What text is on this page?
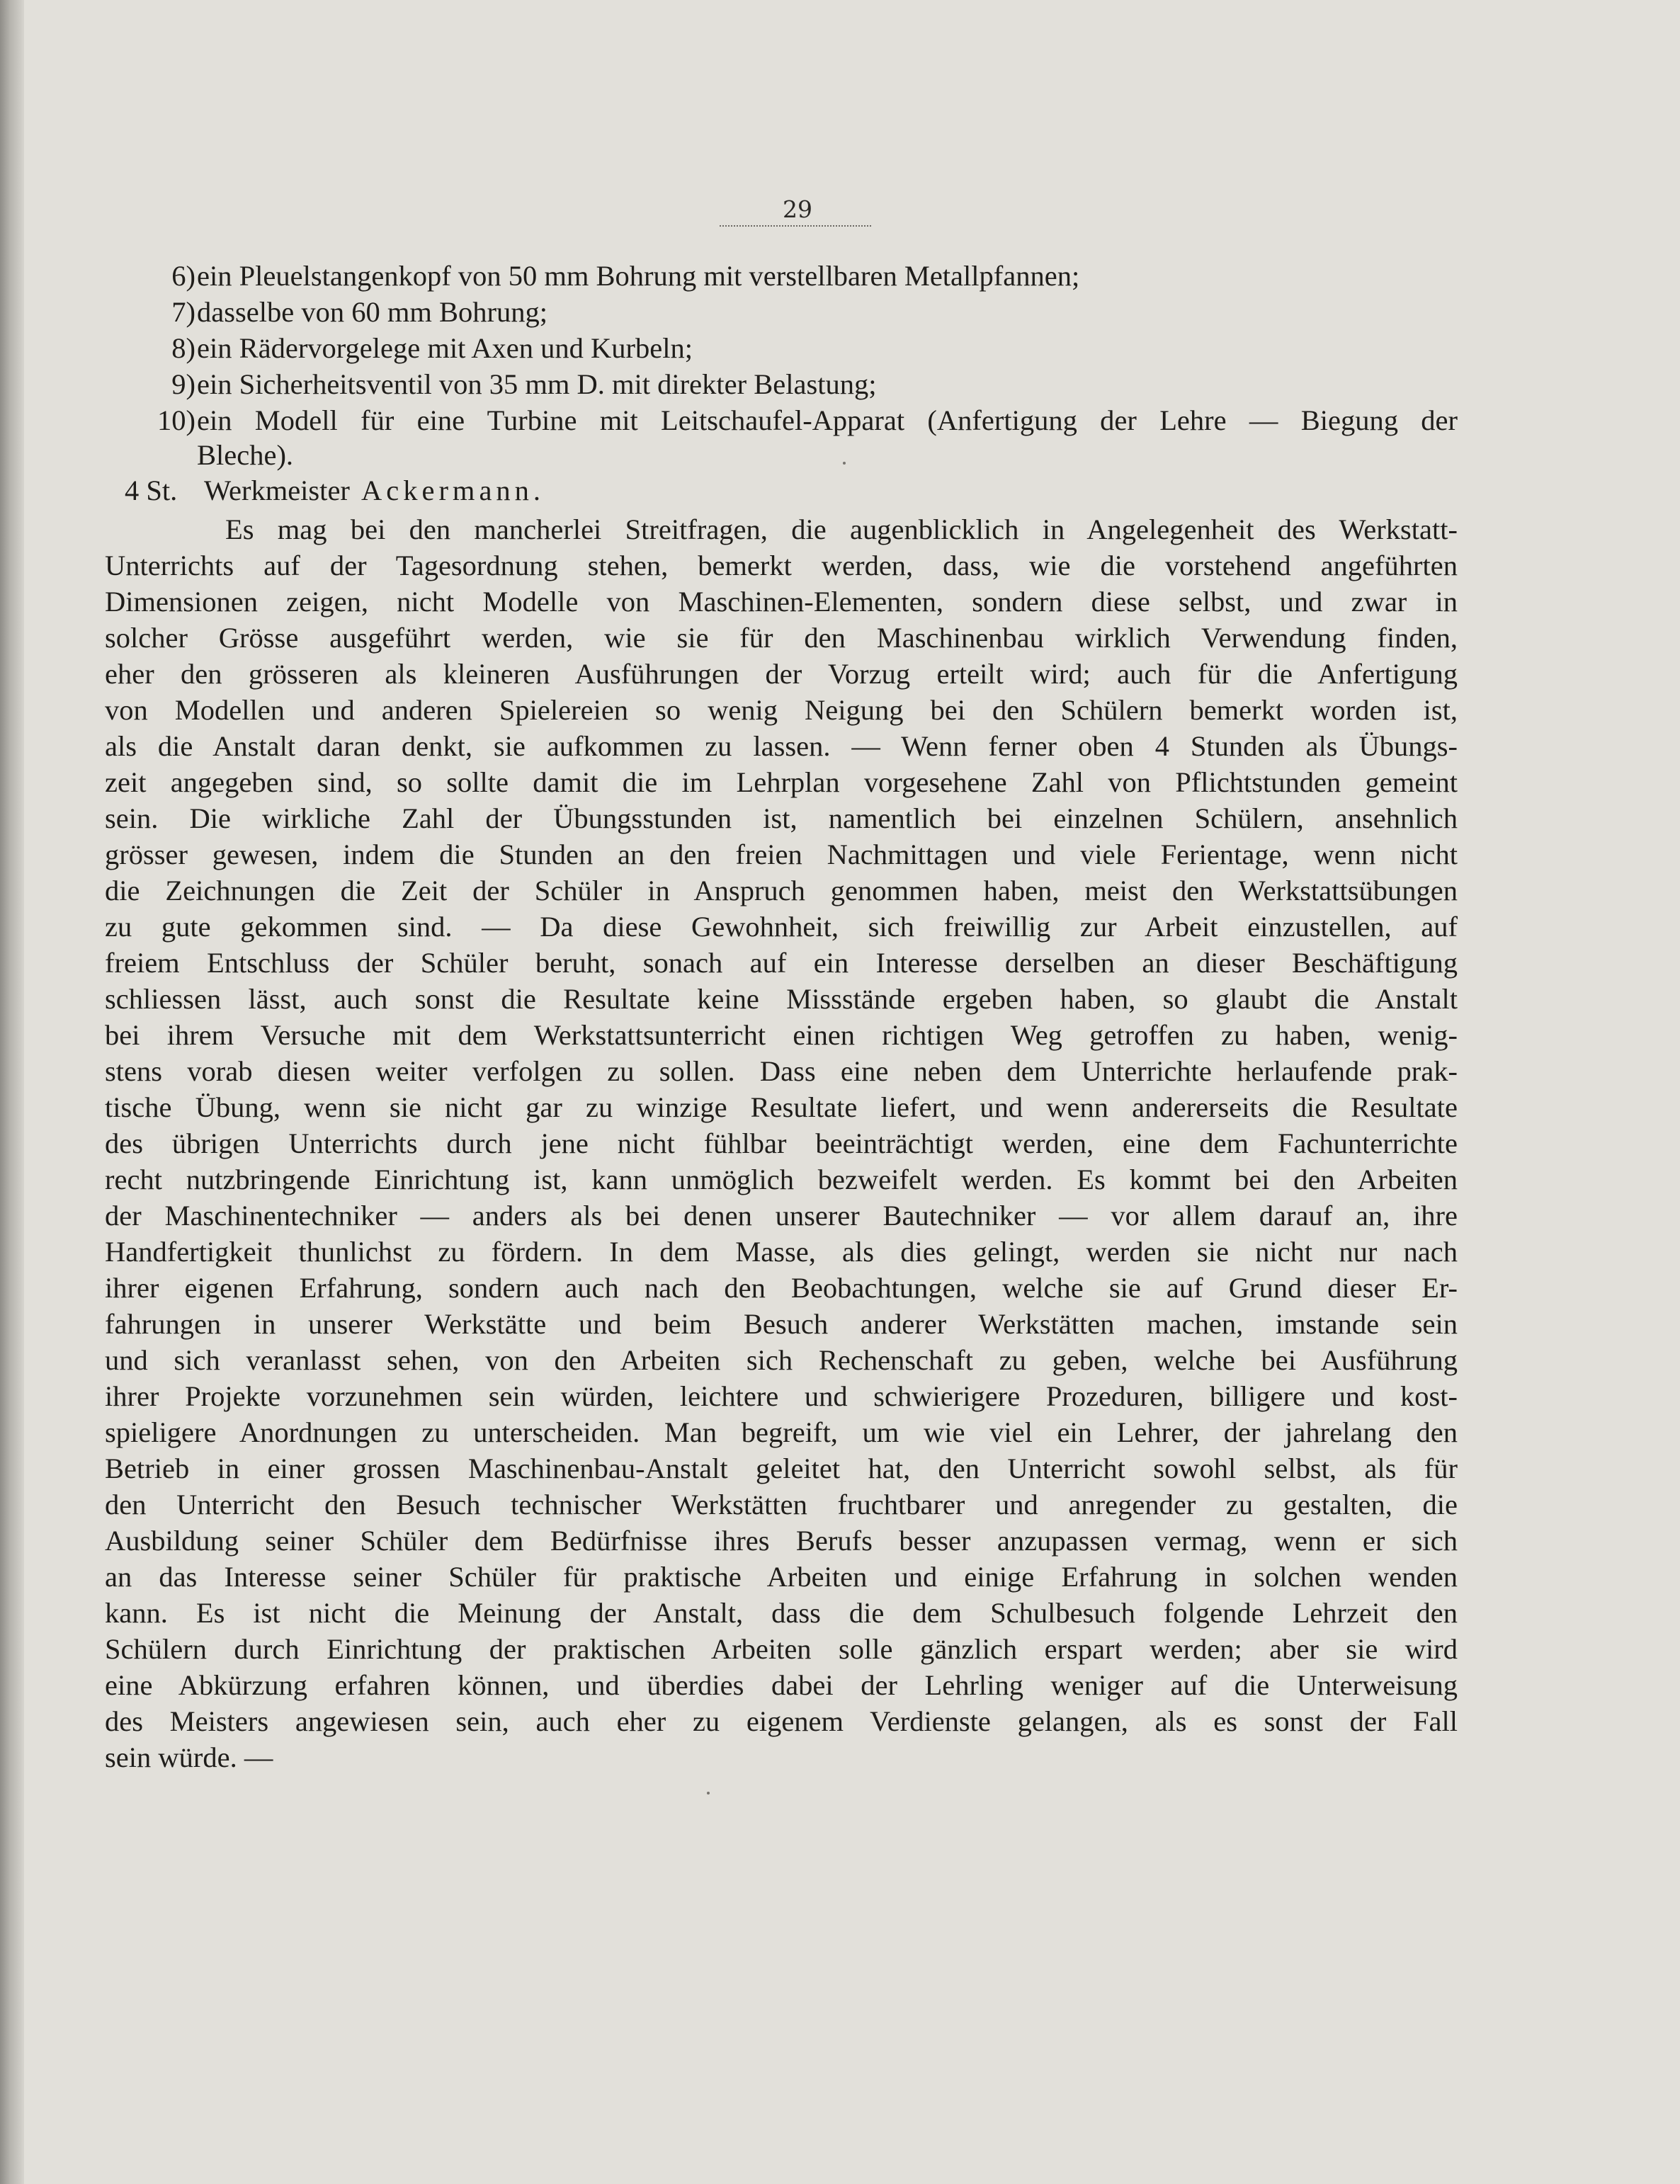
29
6) ein Pleuelstangenkopf von 50 mm Bohrung mit verstellbaren Metallpfannen;
7) dasselbe von 60 mm Bohrung;
8) ein Rädervorgelege mit Axen und Kurbeln;
9) ein Sicherheitsventil von 35 mm D. mit direkter Belastung;
10) ein Modell für eine Turbine mit Leitschaufel-Apparat (Anfertigung der Lehre — Biegung der
Bleche).
4 St. Werkmeister Ackermann.
Es mag bei den mancherlei Streitfragen, die augenblicklich in Angelegenheit des Werkstatt-
Unterrichts auf der Tagesordnung stehen, bemerkt werden, dass, wie die vorstehend angeführten
Dimensionen zeigen, nicht Modelle von Maschinen-Elementen, sondern diese selbst, und zwar in
solcher Grösse ausgeführt werden, wie sie für den Maschinenbau wirklich Verwendung finden,
eher den grösseren als kleineren Ausführungen der Vorzug erteilt wird; auch für die Anfertigung
von Modellen und anderen Spielereien so wenig Neigung bei den Schülern bemerkt worden ist,
als die Anstalt daran denkt, sie aufkommen zu lassen. — Wenn ferner oben 4 Stunden als Übungs-
zeit angegeben sind, so sollte damit die im Lehrplan vorgesehene Zahl von Pflichtstunden gemeint
sein. Die wirkliche Zahl der Übungsstunden ist, namentlich bei einzelnen Schülern, ansehnlich
grösser gewesen, indem die Stunden an den freien Nachmittagen und viele Ferientage, wenn nicht
die Zeichnungen die Zeit der Schüler in Anspruch genommen haben, meist den Werkstattsübungen
zu gute gekommen sind. — Da diese Gewohnheit, sich freiwillig zur Arbeit einzustellen, auf
freiem Entschluss der Schüler beruht, sonach auf ein Interesse derselben an dieser Beschäftigung
schliessen lässt, auch sonst die Resultate keine Missstände ergeben haben, so glaubt die Anstalt
bei ihrem Versuche mit dem Werkstattsunterricht einen richtigen Weg getroffen zu haben, wenig-
stens vorab diesen weiter verfolgen zu sollen. Dass eine neben dem Unterrichte herlaufende prak-
tische Übung, wenn sie nicht gar zu winzige Resultate liefert, und wenn andererseits die Resultate
des übrigen Unterrichts durch jene nicht fühlbar beeinträchtigt werden, eine dem Fachunterrichte
recht nutzbringende Einrichtung ist, kann unmöglich bezweifelt werden. Es kommt bei den Arbeiten
der Maschinentechniker — anders als bei denen unserer Bautechniker — vor allem darauf an, ihre
Handfertigkeit thunlichst zu fördern. In dem Masse, als dies gelingt, werden sie nicht nur nach
ihrer eigenen Erfahrung, sondern auch nach den Beobachtungen, welche sie auf Grund dieser Er-
fahrungen in unserer Werkstätte und beim Besuch anderer Werkstätten machen, imstande sein
und sich veranlasst sehen, von den Arbeiten sich Rechenschaft zu geben, welche bei Ausführung
ihrer Projekte vorzunehmen sein würden, leichtere und schwierigere Prozeduren, billigere und kost-
spieligere Anordnungen zu unterscheiden. Man begreift, um wie viel ein Lehrer, der jahrelang den
Betrieb in einer grossen Maschinenbau-Anstalt geleitet hat, den Unterricht sowohl selbst, als für
den Unterricht den Besuch technischer Werkstätten fruchtbarer und anregender zu gestalten, die
Ausbildung seiner Schüler dem Bedürfnisse ihres Berufs besser anzupassen vermag, wenn er sich
an das Interesse seiner Schüler für praktische Arbeiten und einige Erfahrung in solchen wenden
kann. Es ist nicht die Meinung der Anstalt, dass die dem Schulbesuch folgende Lehrzeit den
Schülern durch Einrichtung der praktischen Arbeiten solle gänzlich erspart werden; aber sie wird
eine Abkürzung erfahren können, und überdies dabei der Lehrling weniger auf die Unterweisung
des Meisters angewiesen sein, auch eher zu eigenem Verdienste gelangen, als es sonst der Fall
sein würde. —
